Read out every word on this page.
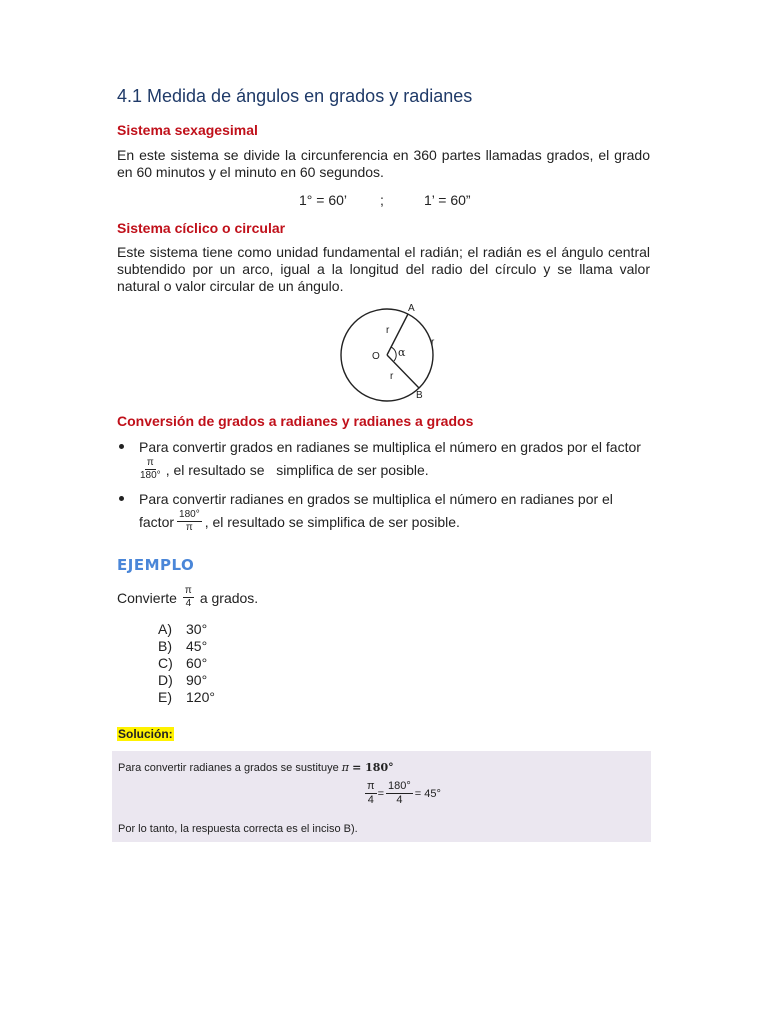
4.1 Medida de ángulos en grados y radianes

Sistema sexagesimal

En este sistema se divide la circunferencia en 360 partes llamadas grados, el grado en 60 minutos y el minuto en 60 segundos.

1° = 60’ ;	1’ = 60”

Sistema cíclico o circular

Este sistema tiene como unidad fundamental el radián; el radián es el ángulo central subtendido por un arco, igual a la longitud del radio del círculo y se llama valor natural o valor circular de un ángulo.

A
B
O α
r
r
r

Conversión de grados a radianes y radianes a grados

Para convertir grados en radianes se multiplica el número en grados por el factor
$\frac{\pi}{180^\circ}$ , el resultado se   simplifica de ser posible.
Para convertir radianes en grados se multiplica el número en radianes por el
factor $\frac{180^\circ}{\pi}$ , el resultado se simplifica de ser posible.

EJEMPLO

Convierte $\frac{\pi}{4}$ a grados.
A) 30°
B) 45°
C) 60°
D) 90°
E) 120°

Solución:

Para convertir radianes a grados se sustituye π = 180°
$\frac{\pi}{4} = \frac{180^\circ}{4} = 45^\circ$
Por lo tanto, la respuesta correcta es el inciso B).
